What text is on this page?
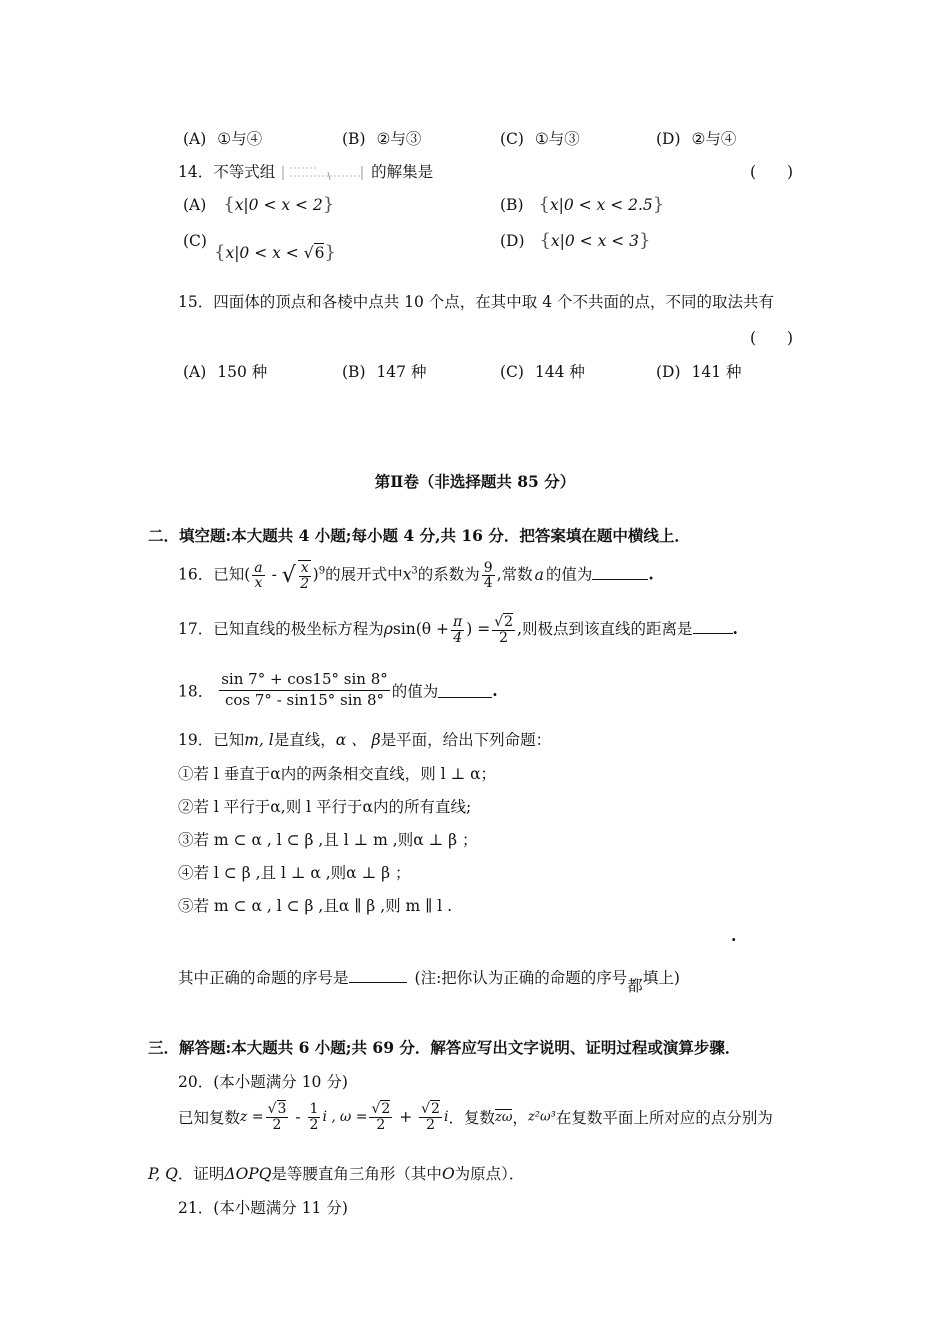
(A) ①与④	(B) ②与③	(C) ①与③	(D) ②与④
14．不等式组	的解集是	(　　)
(A) {x|0 < x < 2}	(B) {x|0 < x < 2.5}
(C)
{x|0 < x < √6}
(D) {x|0 < x < 3}
15．四面体的顶点和各棱中点共 10 个点，在其中取 4 个不共面的点，不同的取法共有
(　　)
(A) 150 种	(B) 147 种	(C) 144 种	(D) 141 种
第Ⅱ卷（非选择题共 85 分）
二．填空题:本大题共 4 小题;每小题 4 分,共 16 分．把答案填在题中横线上．
16．已知( $\frac{a}{x}$ - √ $\frac{x}{2} )^9$的展开式中$x^3$的系数为 $\frac{9}{4}$ ,常数 a 的值为	.
17．已知直线的极坐标方程为$\rho\sin(\theta + \frac{\pi}{4}$ ) = $\frac{√2}{2}$ ,则极点到该直线的距离是	.
18． $\frac{\sin 7^\circ + \cos 15^\circ \sin 8^\circ}{\cos 7^\circ - \sin 15^\circ \sin 8^\circ}$ 的值为	.
19．已知m, l是直线，α 、 β是平面，给出下列命题：
①若 l 垂直于α内的两条相交直线，则 l ⊥ α；
②若 l 平行于α,则 l 平行于α内的所有直线;
③若 m ⊂ α , l ⊂ β ,且 l ⊥ m ,则α ⊥ β ；
④若 l ⊂ β ,且 l ⊥ α ,则α ⊥ β ；
⑤若 m ⊂ α , l ⊂ β ,且α ∥ β ,则 m ∥ l .
·
其中正确的命题的序号是	(注:把你认为正确的命题的序号都填上)
三．解答题:本大题共 6 小题;共 69 分．解答应写出文字说明、证明过程或演算步骤．
20．(本小题满分 10 分)
已知复数$z = \frac{√3}{2} - \frac{1}{2}$ i , $\omega = \frac{√2}{2} + \frac{√2}{2}$ i．复数zω，z²ω³在复数平面上所对应的点分别为
P, Q．证明ΔOPQ是等腰直角三角形（其中O为原点）．
21．(本小题满分 11 分)
